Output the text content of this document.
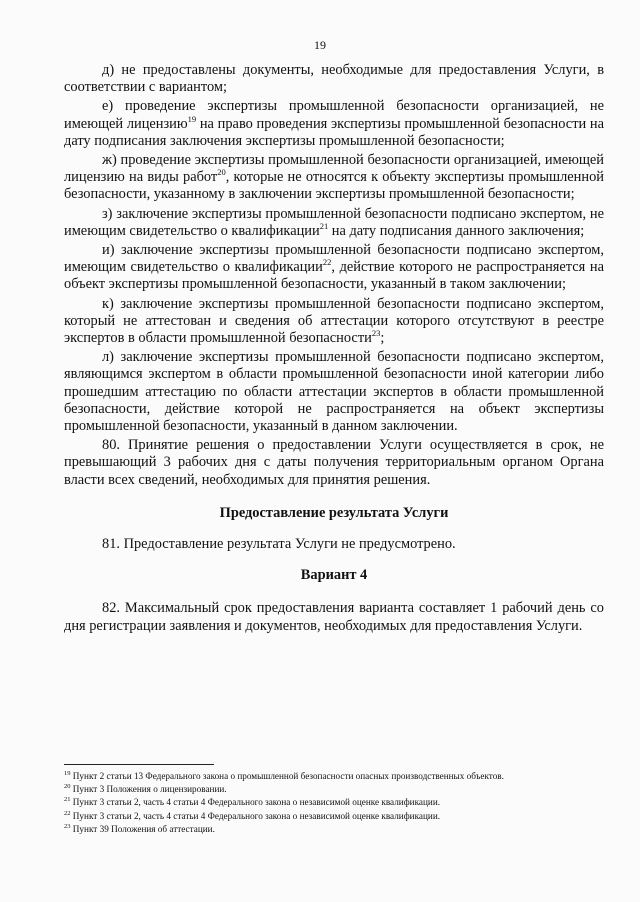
19

д) не предоставлены документы, необходимые для предоставления Услуги, в соответствии с вариантом;

е) проведение экспертизы промышленной безопасности организацией, не имеющей лицензию$^{19}$ на право проведения экспертизы промышленной безопасности на дату подписания заключения экспертизы промышленной безопасности;

ж) проведение экспертизы промышленной безопасности организацией, имеющей лицензию на виды работ$^{20}$, которые не относятся к объекту экспертизы промышленной безопасности, указанному в заключении экспертизы промышленной безопасности;

з) заключение экспертизы промышленной безопасности подписано экспертом, не имеющим свидетельство о квалификации$^{21}$ на дату подписания данного заключения;

и) заключение экспертизы промышленной безопасности подписано экспертом, имеющим свидетельство о квалификации$^{22}$, действие которого не распространяется на объект экспертизы промышленной безопасности, указанный в таком заключении;

к) заключение экспертизы промышленной безопасности подписано экспертом, который не аттестован и сведения об аттестации которого отсутствуют в реестре экспертов в области промышленной безопасности$^{23}$;

л) заключение экспертизы промышленной безопасности подписано экспертом, являющимся экспертом в области промышленной безопасности иной категории либо прошедшим аттестацию по области аттестации экспертов в области промышленной безопасности, действие которой не распространяется на объект экспертизы промышленной безопасности, указанный в данном заключении.

80. Принятие решения о предоставлении Услуги осуществляется в срок, не превышающий 3 рабочих дня с даты получения территориальным органом Органа власти всех сведений, необходимых для принятия решения.

Предоставление результата Услуги

81. Предоставление результата Услуги не предусмотрено.

Вариант 4

82. Максимальный срок предоставления варианта составляет 1 рабочий день со дня регистрации заявления и документов, необходимых для предоставления Услуги.

$^{19}$ Пункт 2 статьи 13 Федерального закона о промышленной безопасности опасных производственных объектов.
$^{20}$ Пункт 3 Положения о лицензировании.
$^{21}$ Пункт 3 статьи 2, часть 4 статьи 4 Федерального закона о независимой оценке квалификации.
$^{22}$ Пункт 3 статьи 2, часть 4 статьи 4 Федерального закона о независимой оценке квалификации.
$^{23}$ Пункт 39 Положения об аттестации.
